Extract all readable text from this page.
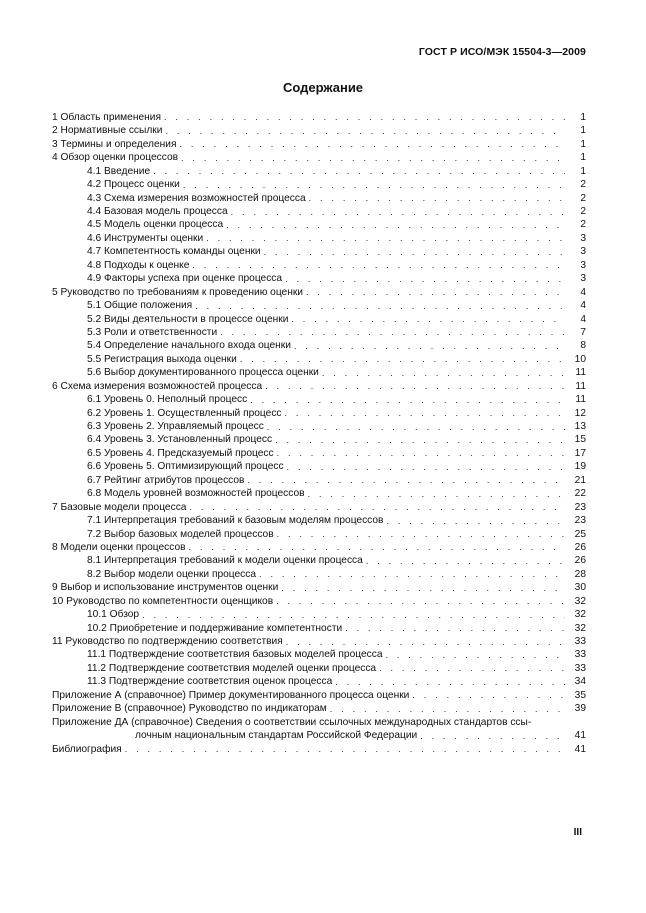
ГОСТ Р ИСО/МЭК 15504-3—2009
Содержание
1 Область применения . . .	1
2 Нормативные ссылки . . .	1
3 Термины и определения . . .	1
4 Обзор оценки процессов . . .	1
4.1 Введение . . .	1
4.2 Процесс оценки . . .	2
4.3 Схема измерения возможностей процесса . . .	2
4.4 Базовая модель процесса . . .	2
4.5 Модель оценки процесса . . .	2
4.6 Инструменты оценки . . .	3
4.7 Компетентность команды оценки . . .	3
4.8 Подходы к оценке . . .	3
4.9 Факторы успеха при оценке процесса . . .	3
5 Руководство по требованиям к проведению оценки . . .	4
5.1 Общие положения . . .	4
5.2 Виды деятельности в процессе оценки . . .	4
5.3 Роли и ответственности . . .	7
5.4 Определение начального входа оценки . . .	8
5.5 Регистрация выхода оценки . . .	10
5.6 Выбор документированного процесса оценки . . .	11
6 Схема измерения возможностей процесса . . .	11
6.1 Уровень 0. Неполный процесс . . .	11
6.2 Уровень 1. Осуществленный процесс . . .	12
6.3 Уровень 2. Управляемый процесс . . .	13
6.4 Уровень 3. Установленный процесс . . .	15
6.5 Уровень 4. Предсказуемый процесс . . .	17
6.6 Уровень 5. Оптимизирующий процесс . . .	19
6.7 Рейтинг атрибутов процессов . . .	21
6.8 Модель уровней возможностей процессов . . .	22
7 Базовые модели процесса . . .	23
7.1 Интерпретация требований к базовым моделям процессов . . .	23
7.2 Выбор базовых моделей процессов . . .	25
8 Модели оценки процессов . . .	26
8.1 Интерпретация требований к модели оценки процесса . . .	26
8.2 Выбор модели оценки процесса . . .	28
9 Выбор и использование инструментов оценки . . .	30
10 Руководство по компетентности оценщиков . . .	32
10.1 Обзор . . .	32
10.2 Приобретение и поддерживание компетентности . . .	32
11 Руководство по подтверждению соответствия . . .	33
11.1 Подтверждение соответствия базовых моделей процесса . . .	33
11.2 Подтверждение соответствия моделей оценки процесса . . .	33
11.3 Подтверждение соответствия оценок процесса . . .	34
Приложение А (справочное) Пример документированного процесса оценки . . .	35
Приложение В (справочное) Руководство по индикаторам . . .	39
Приложение ДА (справочное) Сведения о соответствии ссылочных международных стандартов ссы-
лочным национальным стандартам Российской Федерации . . .	41
Библиография . . .	41
III
